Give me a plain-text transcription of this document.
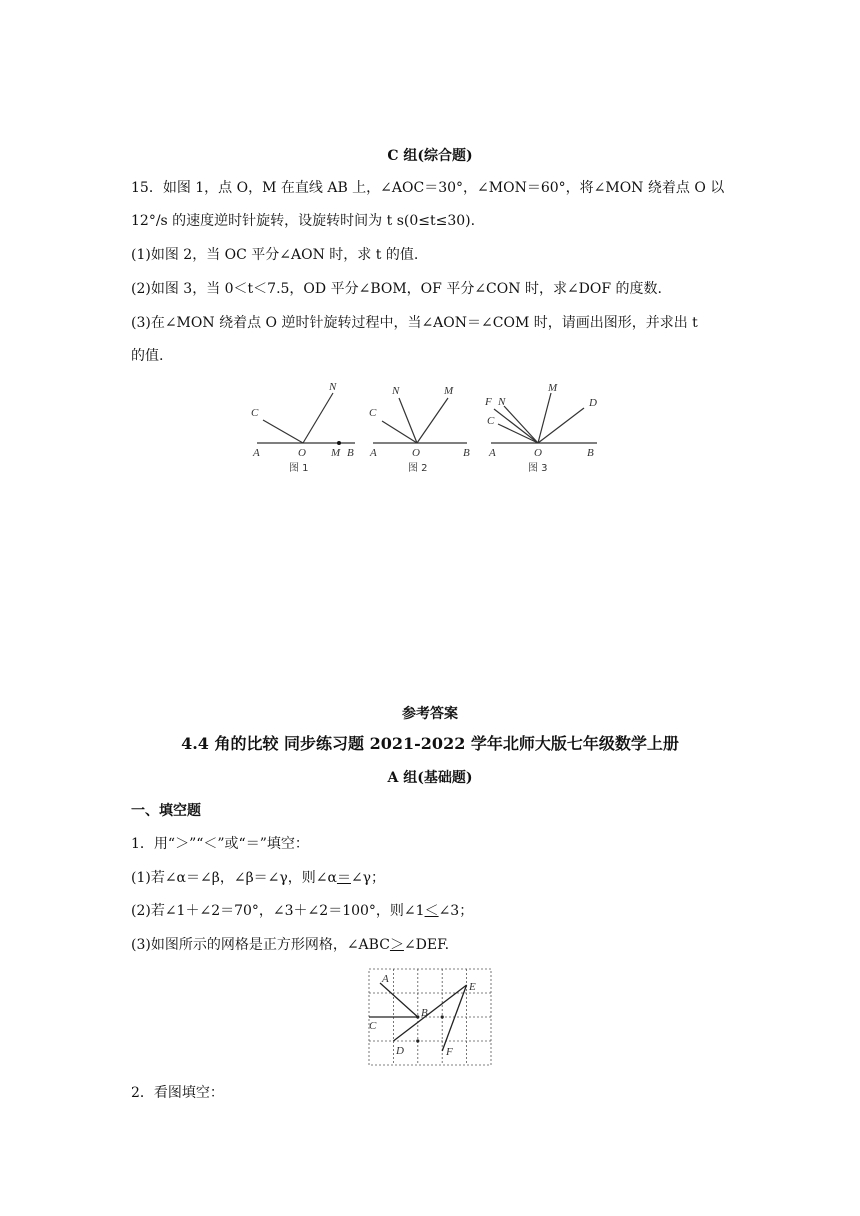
C 组(综合题)
15．如图 1，点 O，M 在直线 AB 上，∠AOC＝30°，∠MON＝60°，将∠MON 绕着点 O 以
12°/s 的速度逆时针旋转，设旋转时间为 t s(0≤t≤30).
(1)如图 2，当 OC 平分∠AON 时，求 t 的值.
(2)如图 3，当 0＜t＜7.5，OD 平分∠BOM，OF 平分∠CON 时，求∠DOF 的度数.
(3)在∠MON 绕着点 O 逆时针旋转过程中，当∠AON＝∠COM 时，请画出图形，并求出 t
的值.
A	O M B
C
N
图 1
A	O	B
C
N	M
图 2
A	O	B
F N
C
M
D
图 3
参考答案
4.4 角的比较 同步练习题 2021-2022 学年北师大版七年级数学上册
A 组(基础题)
一、填空题
1．用“＞”“＜”或“＝”填空：
(1)若∠α＝∠β，∠β＝∠γ，则∠α＝∠γ；
(2)若∠1＋∠2＝70°，∠3＋∠2＝100°，则∠1＜∠3；
(3)如图所示的网格是正方形网格，∠ABC＞∠DEF.
A
B
C
D
E
F
2．看图填空：
